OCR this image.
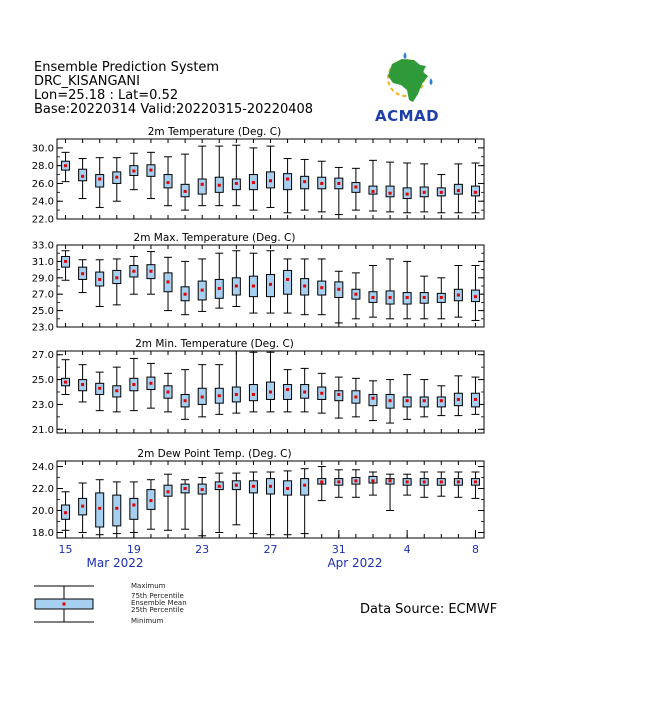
Ensemble Prediction System
DRC_KISANGANI
Lon=25.18 : Lat=0.52
Base:20220314 Valid:20220315-20220408	ACMAD
2m Temperature (Deg. C)
30.0
28.0
26.0
24.0
22.0
2m Max. Temperature (Deg. C)
33.0
31.0
29.0
27.0
25.0
23.0
2m Min. Temperature (Deg. C)
27.0
25.0
23.0
21.0
2m Dew Point Temp. (Deg. C)
24.0
22.0
20.0
18.0
15	19	23	27	31	4	8
Mar 2022	Apr 2022
Maximum
75th Percentile
Ensemble Mean
25th Percentile
Minimum
Data Source: ECMWF
